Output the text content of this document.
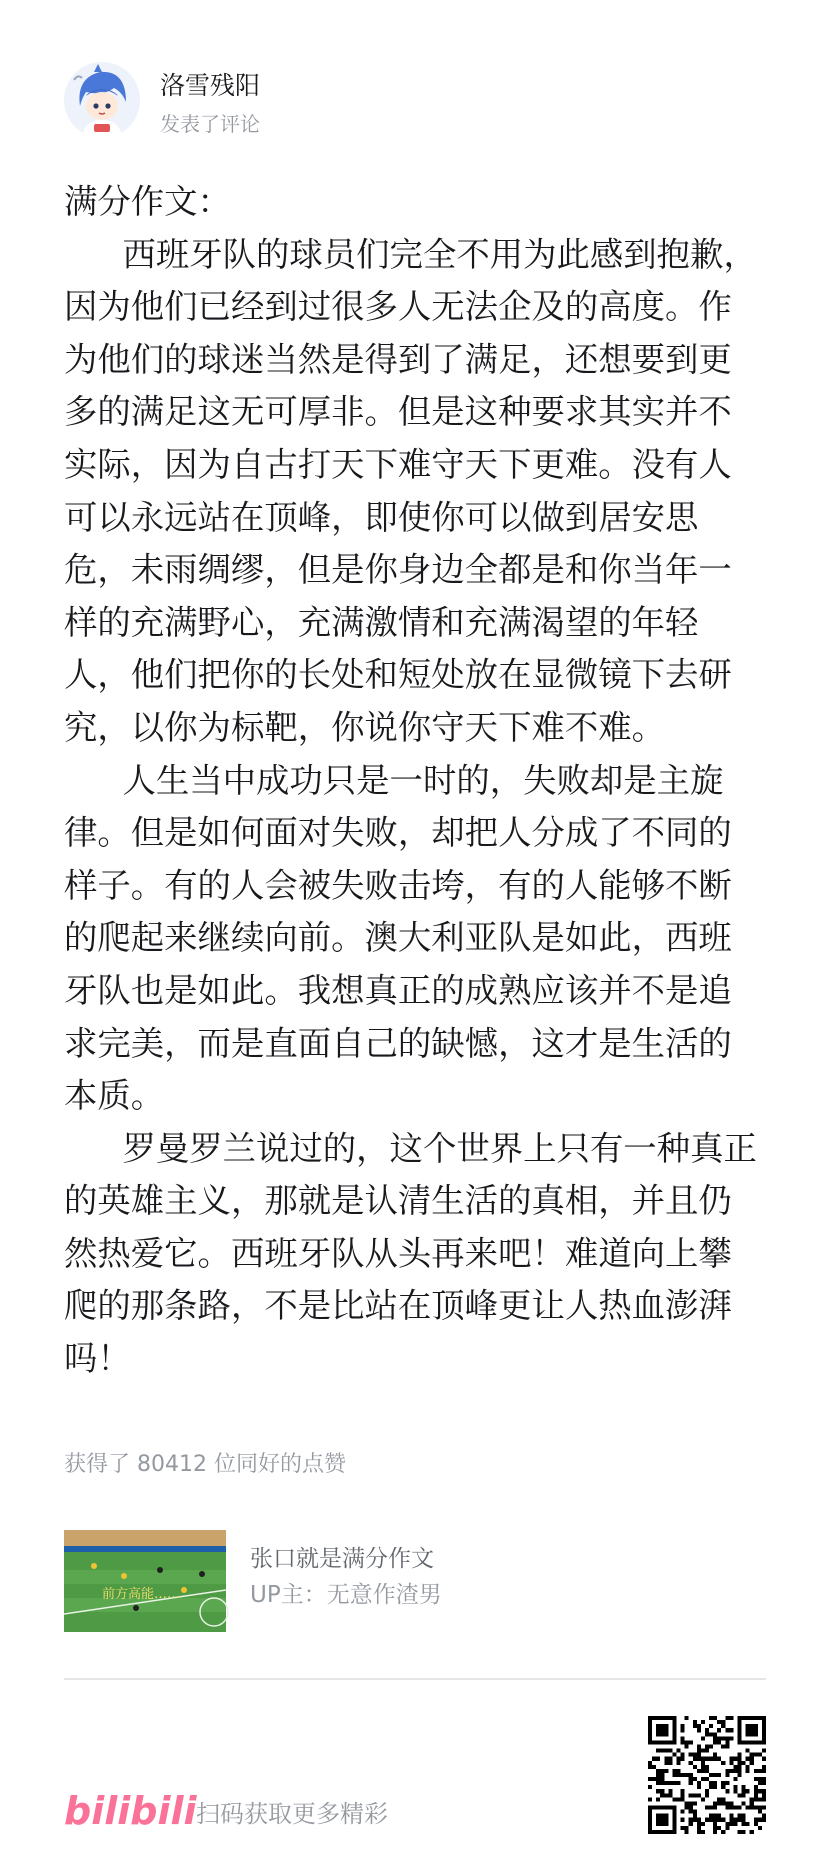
洛雪残阳
发表了评论

满分作文：

西班牙队的球员们完全不用为此感到抱歉，因为他们已经到过很多人无法企及的高度。作为他们的球迷当然是得到了满足，还想要到更多的满足这无可厚非。但是这种要求其实并不实际，因为自古打天下难守天下更难。没有人可以永远站在顶峰，即使你可以做到居安思危，未雨绸缪，但是你身边全都是和你当年一样的充满野心，充满激情和充满渴望的年轻人，他们把你的长处和短处放在显微镜下去研究，以你为标靶，你说你守天下难不难。

人生当中成功只是一时的，失败却是主旋律。但是如何面对失败，却把人分成了不同的样子。有的人会被失败击垮，有的人能够不断的爬起来继续向前。澳大利亚队是如此，西班牙队也是如此。我想真正的成熟应该并不是追求完美，而是直面自己的缺憾，这才是生活的本质。

罗曼罗兰说过的，这个世界上只有一种真正的英雄主义，那就是认清生活的真相，并且仍然热爱它。西班牙队从头再来吧！难道向上攀爬的那条路，不是比站在顶峰更让人热血澎湃吗！

获得了 80412 位同好的点赞
前方高能……
张口就是满分作文
UP主：无意作渣男
bilibili 扫码获取更多精彩
